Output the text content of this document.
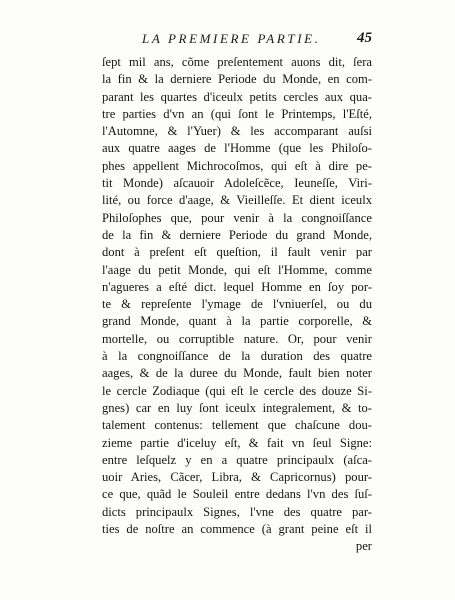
LA PREMIERE PARTIE. 45
ſept mil ans, cõme preſentement auons dit, ſera
la fin & la derniere Periode du Monde, en com-
parant les quartes d'iceulx petits cercles aux qua-
tre parties d'vn an (qui ſont le Printemps, l'Eſté,
l'Automne, & l'Yuer) & les accomparant auſsi
aux quatre aages de l'Homme (que les Philoſo-
phes appellent Michrocoſmos, qui eſt à dire pe-
tit Monde) aſcauoir Adoleſcẽce, Ieuneſſe, Viri-
lité, ou force d'aage, & Vieilleſſe. Et dient iceulx
Philoſophes que, pour venir à la congnoiſſance
de la fin & derniere Periode du grand Monde,
dont à preſent eſt queſtion, il fault venir par
l'aage du petit Monde, qui eſt l'Homme, comme
n'agueres a eſté dict. lequel Homme en ſoy por-
te & repreſente l'ymage de l'vniuerſel, ou du
grand Monde, quant à la partie corporelle, &
mortelle, ou corruptible nature. Or, pour venir
à la congnoiſſance de la duration des quatre
aages, & de la duree du Monde, fault bien noter
le cercle Zodiaque (qui eſt le cercle des douze Si-
gnes) car en luy ſont iceulx integralement, & to-
talement contenus: tellement que chaſcune dou-
zieme partie d'iceluy eſt, & fait vn ſeul Signe:
entre leſquelz y en a quatre principaulx (aſca-
uoir Aries, Cãcer, Libra, & Capricornus) pour-
ce que, quãd le Souleil entre dedans l'vn des ſuſ-
dicts principaulx Signes, l'vne des quatre par-
ties de noſtre an commence (à grant peine eſt il
per
